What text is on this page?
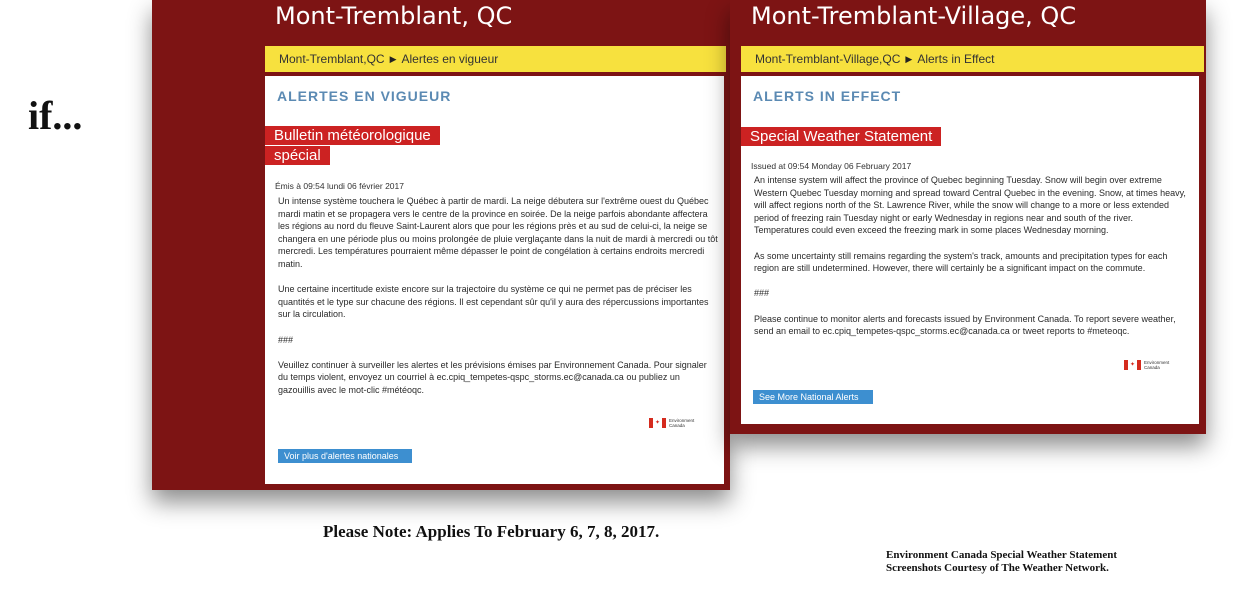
if...
Mont-Tremblant, QC
Mont-Tremblant,QC ▶ Alertes en vigueur
ALERTES EN VIGUEUR
Bulletin météorologique
spécial
Émis à 09:54 lundi 06 février 2017

Un intense système touchera le Québec à partir de mardi. La neige débutera sur l'extrême ouest du Québec mardi matin et se propagera vers le centre de la province en soirée. De la neige parfois abondante affectera les régions au nord du fleuve Saint-Laurent alors que pour les régions près et au sud de celui-ci, la neige se changera en une période plus ou moins prolongée de pluie verglaçante dans la nuit de mardi à mercredi ou tôt mercredi. Les températures pourraient même dépasser le point de congélation à certains endroits mercredi matin.

Une certaine incertitude existe encore sur la trajectoire du système ce qui ne permet pas de préciser les quantités et le type sur chacune des régions. Il est cependant sûr qu'il y aura des répercussions importantes sur la circulation.

###

Veuillez continuer à surveiller les alertes et les prévisions émises par Environnement Canada. Pour signaler du temps violent, envoyez un courriel à ec.cpiq_tempetes-qspc_storms.ec@canada.ca ou publiez un gazouillis avec le mot-clic #météoqc.

✦	Environment
Canada
Voir plus d'alertes nationales
Mont-Tremblant-Village, QC
Mont-Tremblant-Village,QC ▶ Alerts in Effect
ALERTS IN EFFECT
Special Weather Statement
Issued at 09:54 Monday 06 February 2017

An intense system will affect the province of Quebec beginning Tuesday. Snow will begin over extreme Western Quebec Tuesday morning and spread toward Central Quebec in the evening. Snow, at times heavy, will affect regions north of the St. Lawrence River, while the snow will change to a more or less extended period of freezing rain Tuesday night or early Wednesday in regions near and south of the river. Temperatures could even exceed the freezing mark in some places Wednesday morning.

As some uncertainty still remains regarding the system's track, amounts and precipitation types for each region are still undetermined. However, there will certainly be a significant impact on the commute.

###

Please continue to monitor alerts and forecasts issued by Environment Canada. To report severe weather, send an email to ec.cpiq_tempetes-qspc_storms.ec@canada.ca or tweet reports to #meteoqc.

✦	Environment
Canada
See More National Alerts
Please Note: Applies To February 6, 7, 8, 2017.
Environment Canada Special Weather Statement
Screenshots Courtesy of The Weather Network.
